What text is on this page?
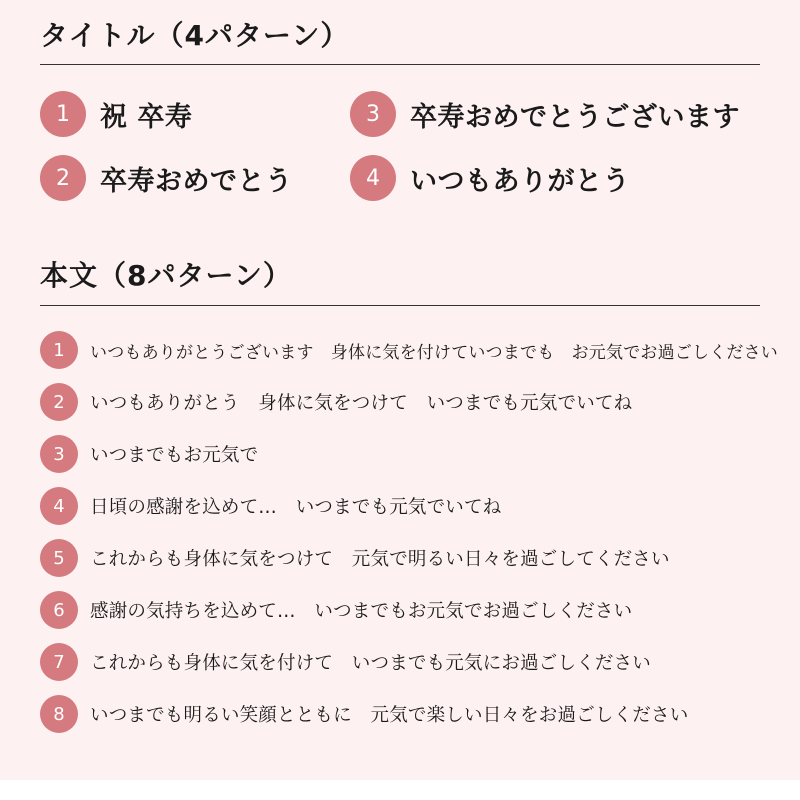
タイトル（4パターン）
1	祝 卒寿
2	卒寿おめでとう
3	卒寿おめでとうございます
4	いつもありがとう
本文（8パターン）
1	いつもありがとうございます　身体に気を付けていつまでも　お元気でお過ごしください
2	いつもありがとう　身体に気をつけて　いつまでも元気でいてね
3	いつまでもお元気で
4	日頃の感謝を込めて…　いつまでも元気でいてね
5	これからも身体に気をつけて　元気で明るい日々を過ごしてください
6	感謝の気持ちを込めて…　いつまでもお元気でお過ごしください
7	これからも身体に気を付けて　いつまでも元気にお過ごしください
8	いつまでも明るい笑顔とともに　元気で楽しい日々をお過ごしください
